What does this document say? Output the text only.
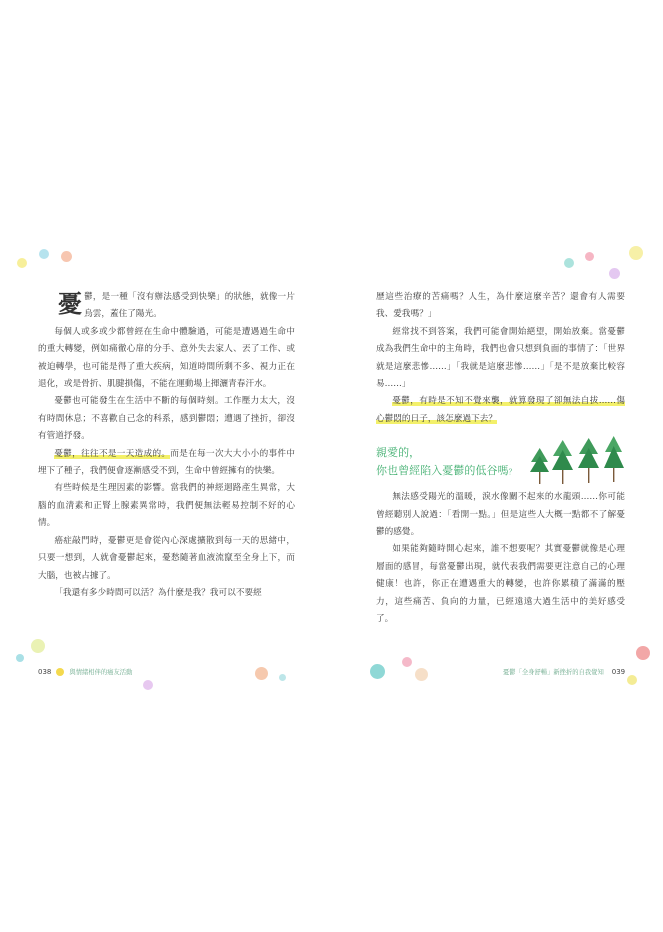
憂 鬱，是一種「沒有辦法感受到快樂」的狀態，就像一片烏雲，蓋住了陽光。

每個人或多或少都曾經在生命中體驗過，可能是遭遇過生命中的重大轉變，例如痛徹心扉的分手、意外失去家人、丟了工作、或被迫轉學，也可能是得了重大疾病，知道時間所剩不多、視力正在退化，或是骨折、肌腱損傷，不能在運動場上揮灑青春汗水。

憂鬱也可能發生在生活中不斷的每個時刻。工作壓力太大，沒有時間休息；不喜歡自己念的科系，感到鬱悶；遭遇了挫折，卻沒有管道抒發。

憂鬱，往往不是一天造成的。而是在每一次大大小小的事件中埋下了種子，我們便會逐漸感受不到，生命中曾經擁有的快樂。

有些時候是生理因素的影響。當我們的神經迴路產生異常，大腦的血清素和正腎上腺素異常時，我們便無法輕易控制不好的心情。

癌症敲門時，憂鬱更是會從內心深處擴散到每一天的思緒中，只要一想到，人就會憂鬱起來，憂愁隨著血液流竄至全身上下，而大腦，也被占據了。

「我還有多少時間可以活？為什麼是我？我可以不要經

歷這些治療的苦痛嗎？人生，為什麼這麼辛苦？還會有人需要我、愛我嗎？」

經常找不到答案，我們可能會開始絕望，開始放棄。當憂鬱成為我們生命中的主角時，我們也會只想到負面的事情了：「世界就是這麼悲慘……」「我就是這麼悲慘……」「是不是放棄比較容易……」

憂鬱，有時是不知不覺來襲，就算發現了卻無法自拔……傷心鬱悶的日子，該怎麼過下去？

親愛的，
你也曾經陷入憂鬱的低谷嗎？

無法感受陽光的溫暖，淚水像關不起來的水龍頭……你可能曾經聽別人說過：「看開一點。」但是這些人大概一點都不了解憂鬱的感覺。

如果能夠隨時開心起來，誰不想要呢？其實憂鬱就像是心理層面的感冒，每當憂鬱出現，就代表我們需要更注意自己的心理健康！也許，你正在遭遇重大的轉變，也許你累積了滿滿的壓力，這些痛苦、負向的力量，已經遠遠大過生活中的美好感受了。

038	與情緒相伴的癌友活動	憂鬱「全身舒暢」新挫折的自我覺知 039
